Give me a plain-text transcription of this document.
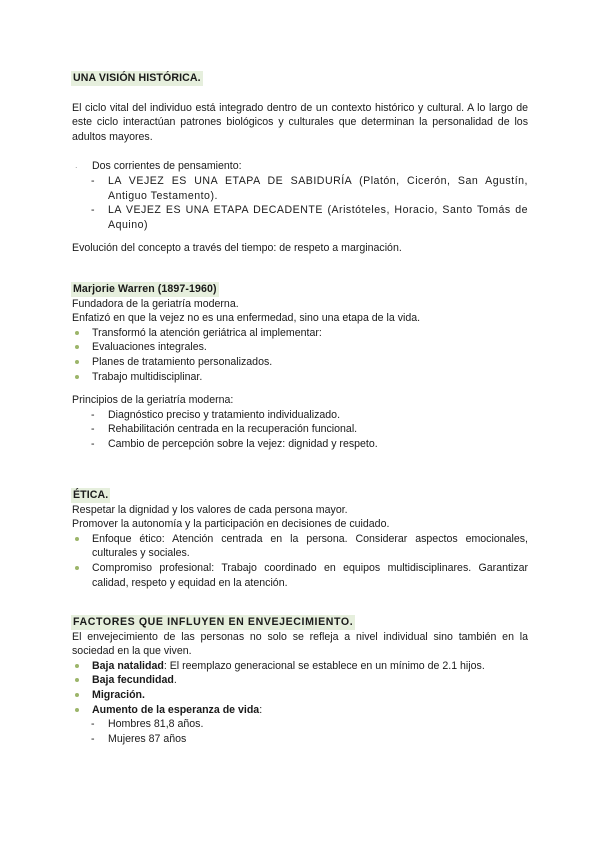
UNA VISIÓN HISTÓRICA.

El ciclo vital del individuo está integrado dentro de un contexto histórico y cultural. A lo largo de este ciclo interactúan patrones biológicos y culturales que determinan la personalidad de los adultos mayores.

. Dos corrientes de pensamiento:
- LA VEJEZ ES UNA ETAPA DE SABIDURÍA (Platón, Cicerón, San Agustín, Antiguo Testamento).
- LA VEJEZ ES UNA ETAPA DECADENTE (Aristóteles, Horacio, Santo Tomás de Aquino)

Evolución del concepto a través del tiempo: de respeto a marginación.

Marjorie Warren (1897-1960)

Fundadora de la geriatría moderna.

Enfatizó en que la vejez no es una enfermedad, sino una etapa de la vida.

Transformó la atención geriátrica al implementar:
Evaluaciones integrales.
Planes de tratamiento personalizados.
Trabajo multidisciplinar.

Principios de la geriatría moderna:

- Diagnóstico preciso y tratamiento individualizado.
- Rehabilitación centrada en la recuperación funcional.
- Cambio de percepción sobre la vejez: dignidad y respeto.
ÉTICA.

Respetar la dignidad y los valores de cada persona mayor.

Promover la autonomía y la participación en decisiones de cuidado.

Enfoque ético: Atención centrada en la persona. Considerar aspectos emocionales, culturales y sociales.
Compromiso profesional: Trabajo coordinado en equipos multidisciplinares. Garantizar calidad, respeto y equidad en la atención.
FACTORES QUE INFLUYEN EN ENVEJECIMIENTO.

El envejecimiento de las personas no solo se refleja a nivel individual sino también en la sociedad en la que viven.

Baja natalidad: El reemplazo generacional se establece en un mínimo de 2.1 hijos.
Baja fecundidad.
Migración.
Aumento de la esperanza de vida:
- Hombres 81,8 años.
- Mujeres 87 años
